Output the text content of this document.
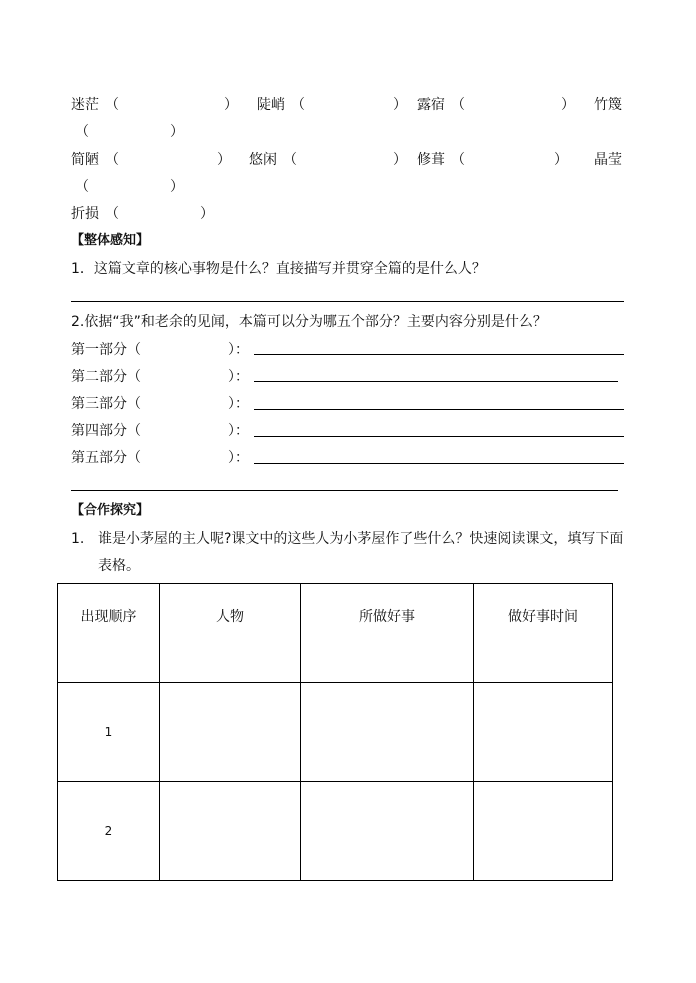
迷茫 （	） 陡峭 （	） 露宿 （	） 竹篾
（	）
简陋 （	） 悠闲 （	） 修葺 （	） 晶莹
（	）
折损 （	）
【整体感知】
1．这篇文章的核心事物是什么？直接描写并贯穿全篇的是什么人？
2.依据“我”和老余的见闻，本篇可以分为哪五个部分？主要内容分别是什么？
第一部分（	）：
第二部分（	）：
第三部分（	）：
第四部分（	）：
第五部分（	）：
【合作探究】
1. 谁是小茅屋的主人呢?课文中的这些人为小茅屋作了些什么？快速阅读课文，填写下面
表格。
出现顺序	人物	所做好事	做好事时间
1			
2			
